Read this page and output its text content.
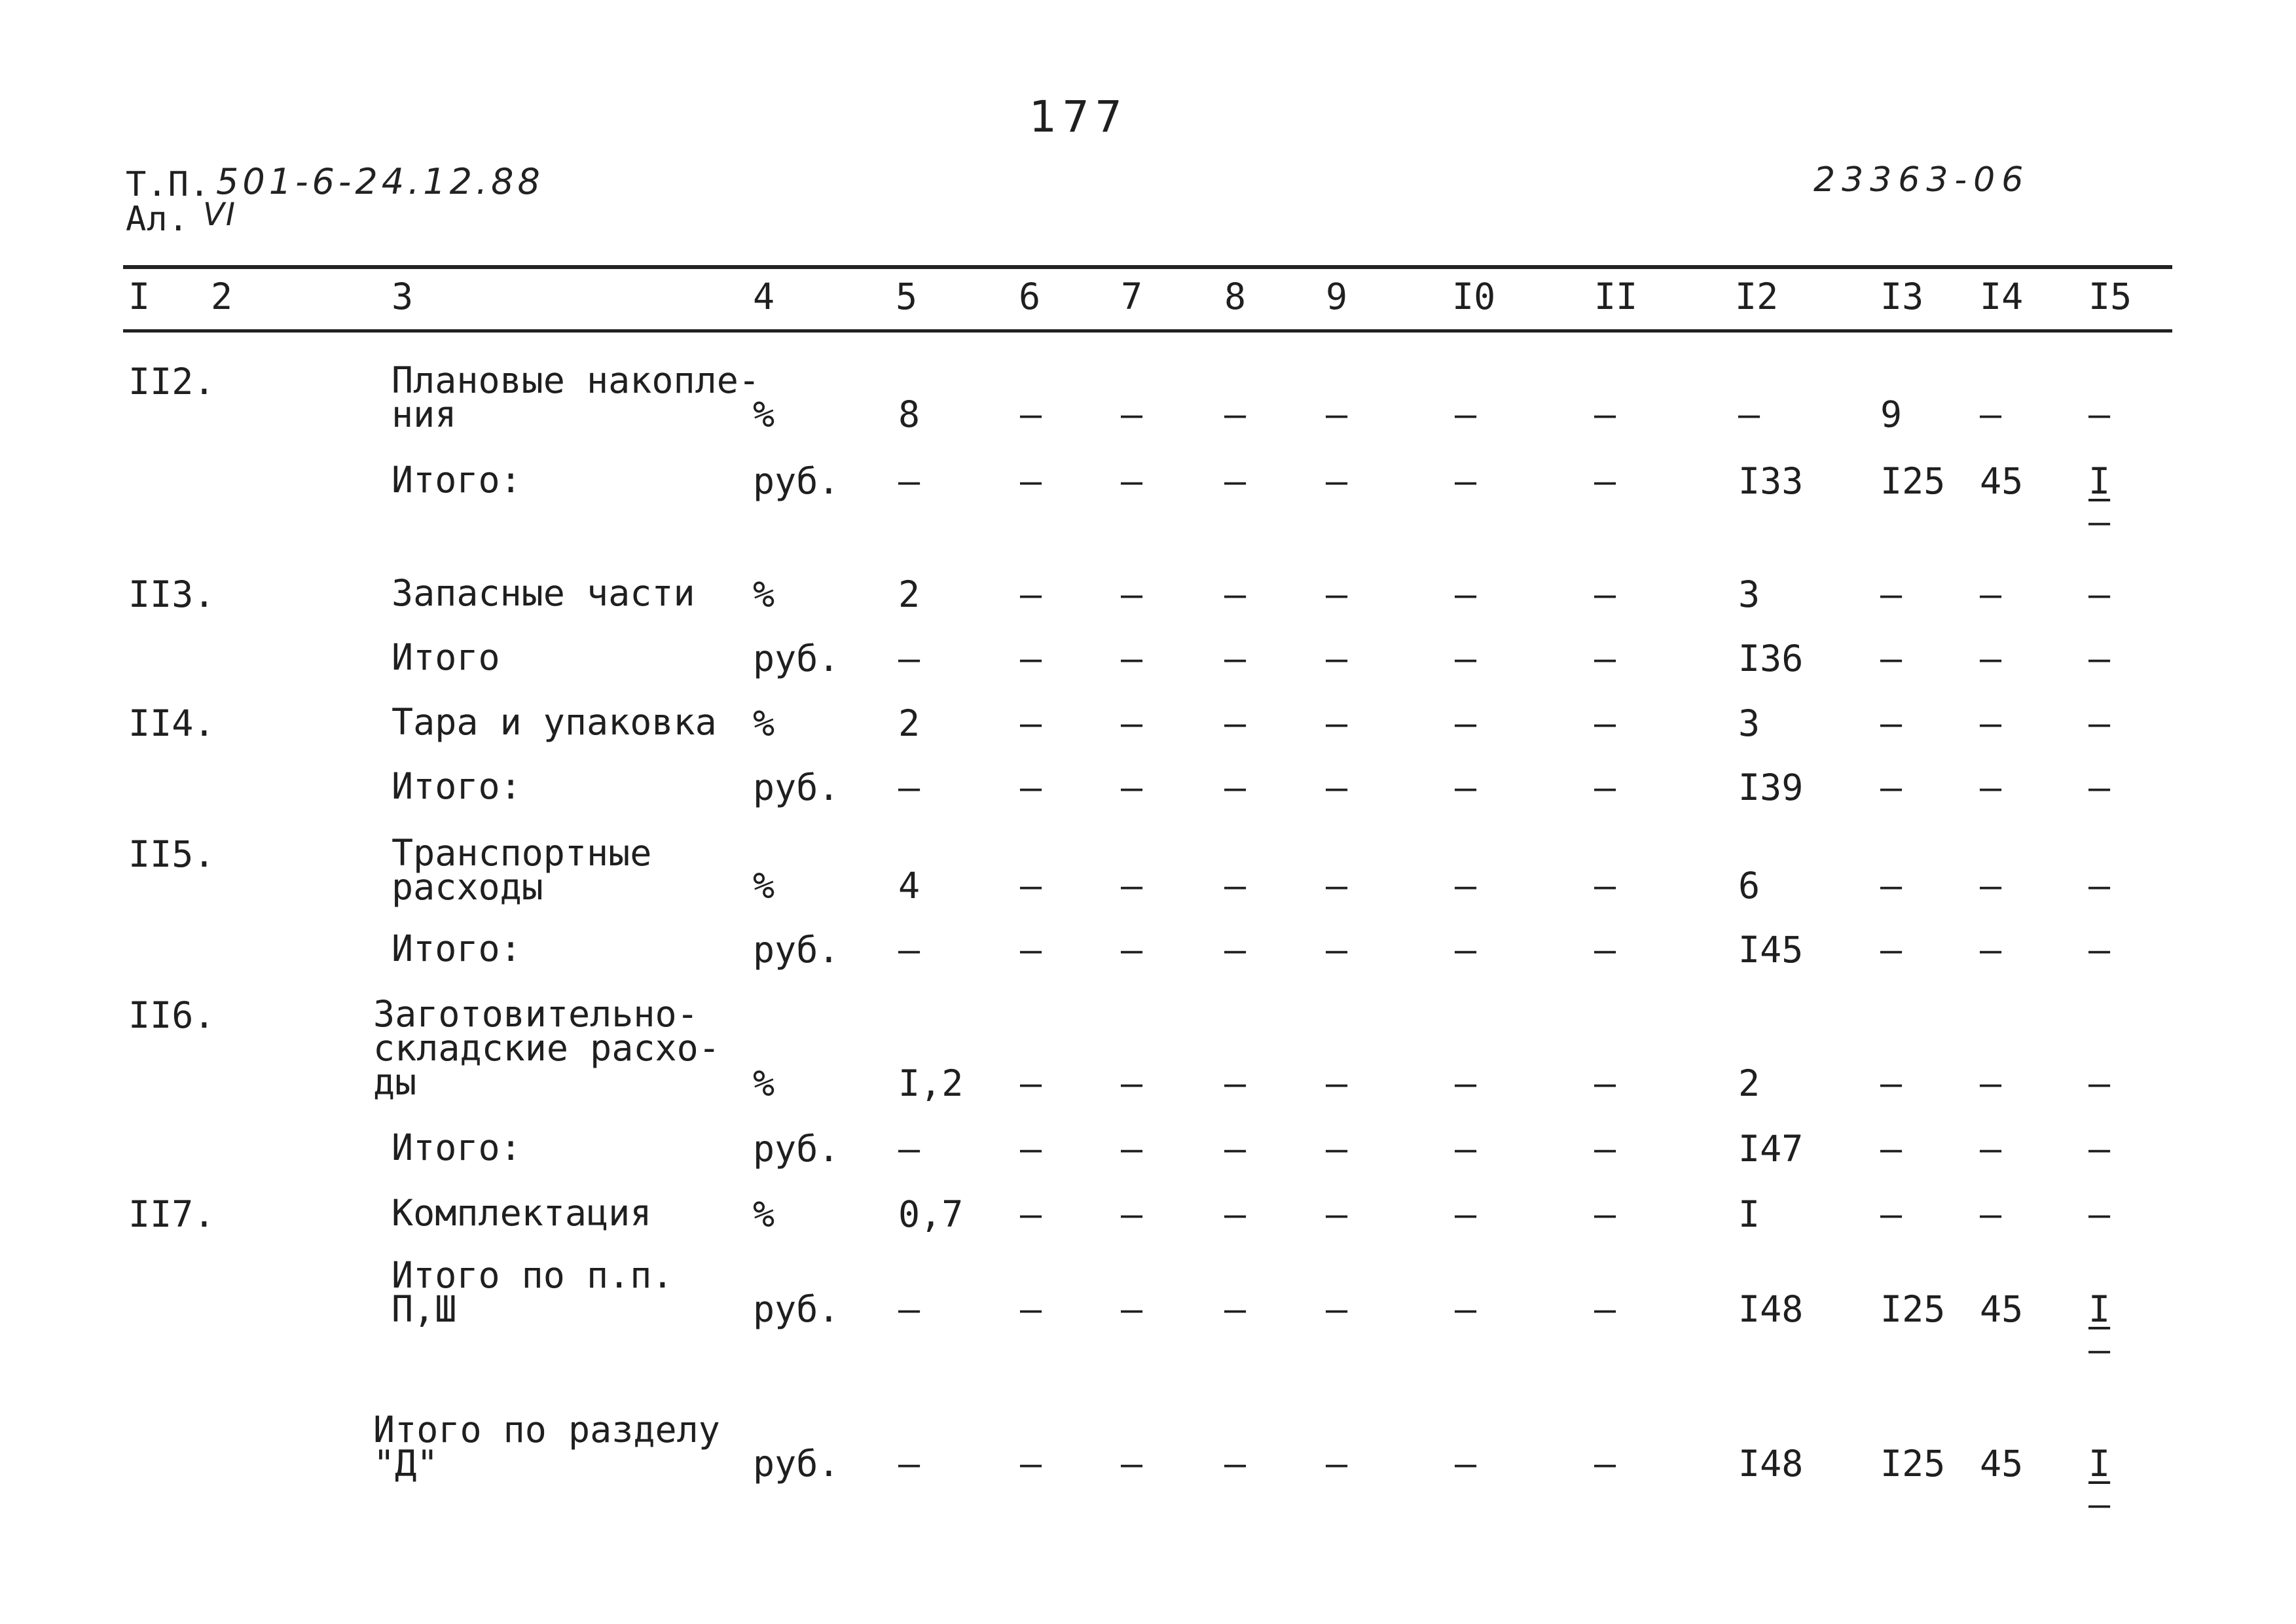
177
Т.П. 501-6-24.12.88
Ал. VI
23363-06
I 2	3	4	5	6 7 8 9	I0	II	I2	I3 I4 I5
II2.	Плановые накопле-
ния	%	8	– – – –	–	–	–	9 – –
Итого:	руб. –	– – – –	–	–	I33 I25 45 I
–
II3.	Запасные части %	2	– – – –	–	–	3	– – –
Итого	руб. –	– – – –	–	–	I36 – – –
II4.	Тара и упаковка %	2	– – – –	–	–	3	– – –
Итого:	руб. –	– – – –	–	–	I39 – – –
II5.	Транспортные
расходы	%	4	– – – –	–	–	6	– – –
Итого:	руб. –	– – – –	–	–	I45 – – –
II6.	Заготовительно-
складские расхо-
ды	%	I,2 – – – –	–	–	2	– – –
Итого:	руб. –	– – – –	–	–	I47 – – –
II7.	Комплектация	%	0,7 – – – –	–	–	I	– – –
Итого по п.п.
П,Ш	руб. –	– – – –	–	–	I48 I25 45 I
–
Итого по разделу
"Д"	руб. –	– – – –	–	–	I48 I25 45 I
–
